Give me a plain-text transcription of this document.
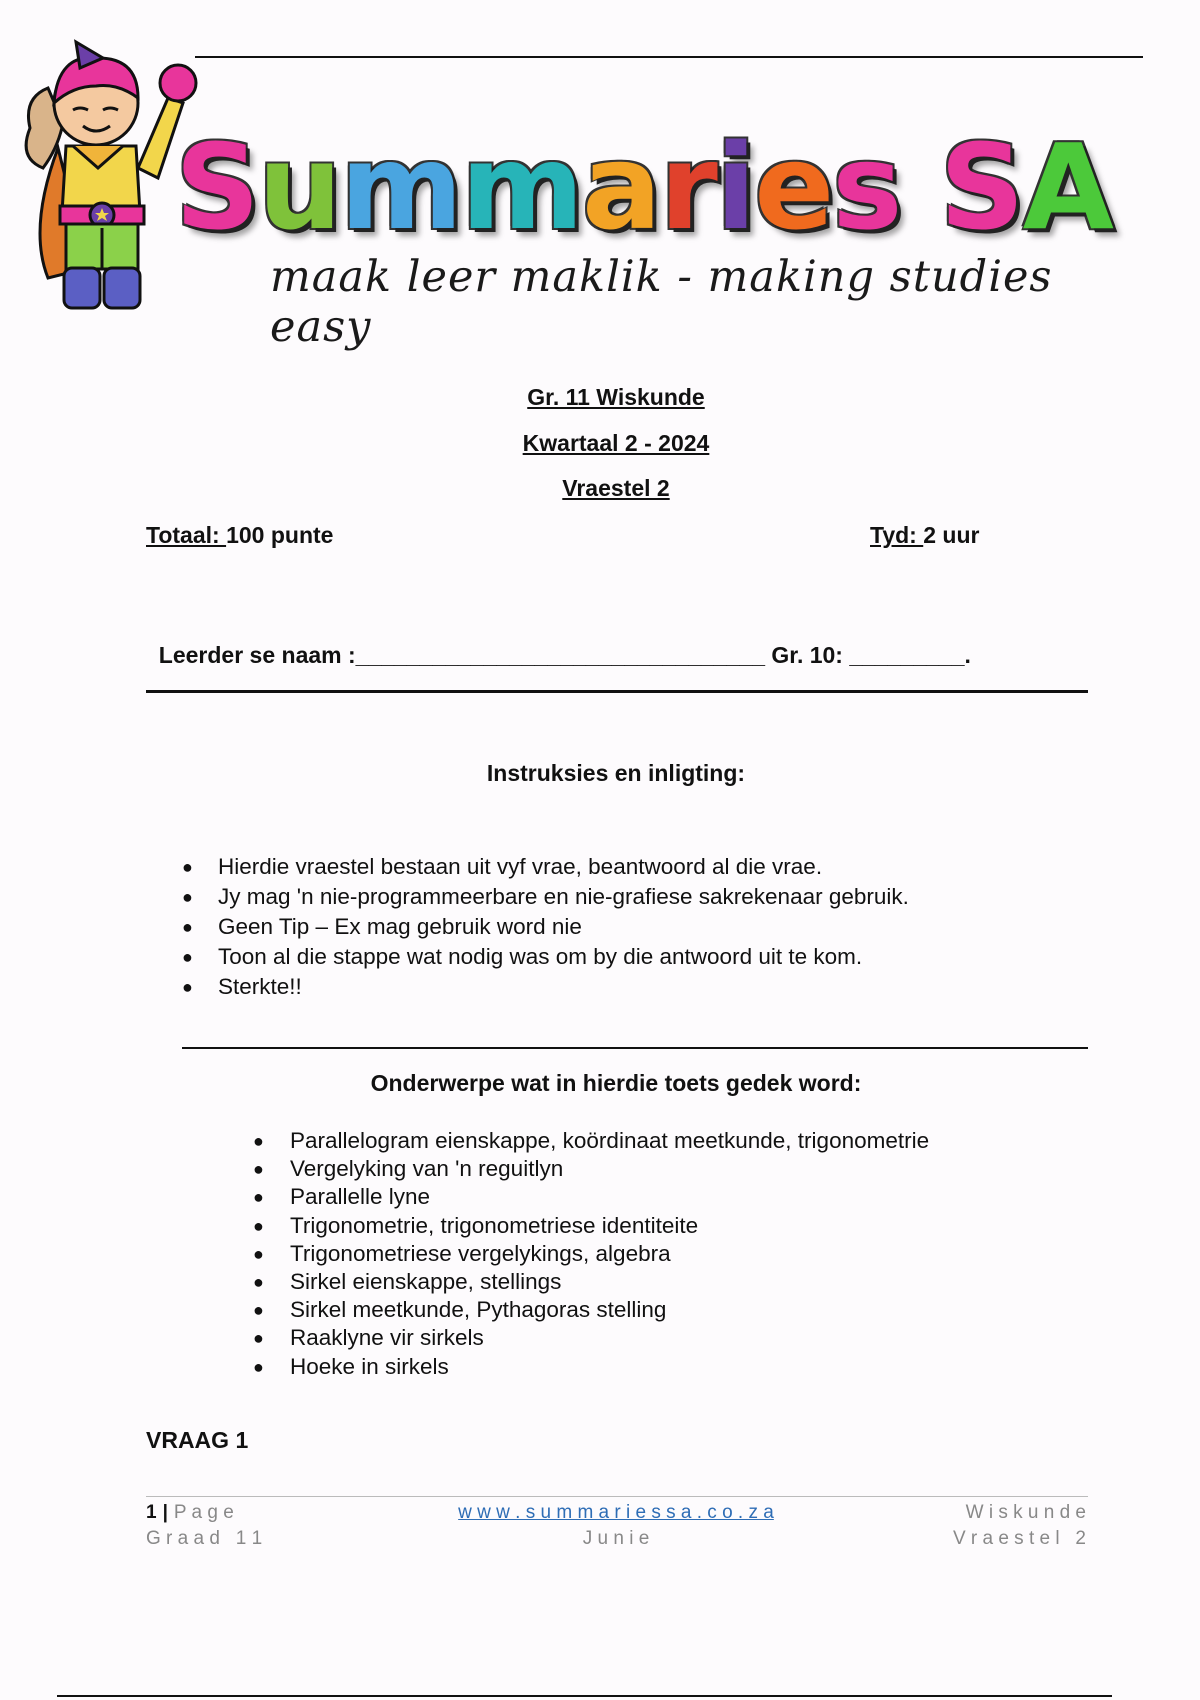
Summaries SA
maak leer maklik - making studies easy
Gr. 11 Wiskunde
Kwartaal 2 - 2024
Vraestel 2
Totaal: 100 punte	Tyd: 2 uur

Leerder se naam :________________________________ Gr. 10: _________.

Instruksies en inligting:
● Hierdie vraestel bestaan uit vyf vrae, beantwoord al die vrae.
● Jy mag 'n nie-programmeerbare en nie-grafiese sakrekenaar gebruik.
● Geen Tip – Ex mag gebruik word nie
● Toon al die stappe wat nodig was om by die antwoord uit te kom.
● Sterkte!!
Onderwerpe wat in hierdie toets gedek word:
● Parallelogram eienskappe, koördinaat meetkunde, trigonometrie
● Vergelyking van 'n reguitlyn
● Parallelle lyne
● Trigonometrie, trigonometriese identiteite
● Trigonometriese vergelykings, algebra
● Sirkel eienskappe, stellings
● Sirkel meetkunde, Pythagoras stelling
● Raaklyne vir sirkels
● Hoeke in sirkels
VRAAG 1
1 | P a g e	w w w . s u m m a r i e s s a . c o . z a	W i s k u n d e
G r a a d   1 1	J u n i e	V r a e s t e l   2
